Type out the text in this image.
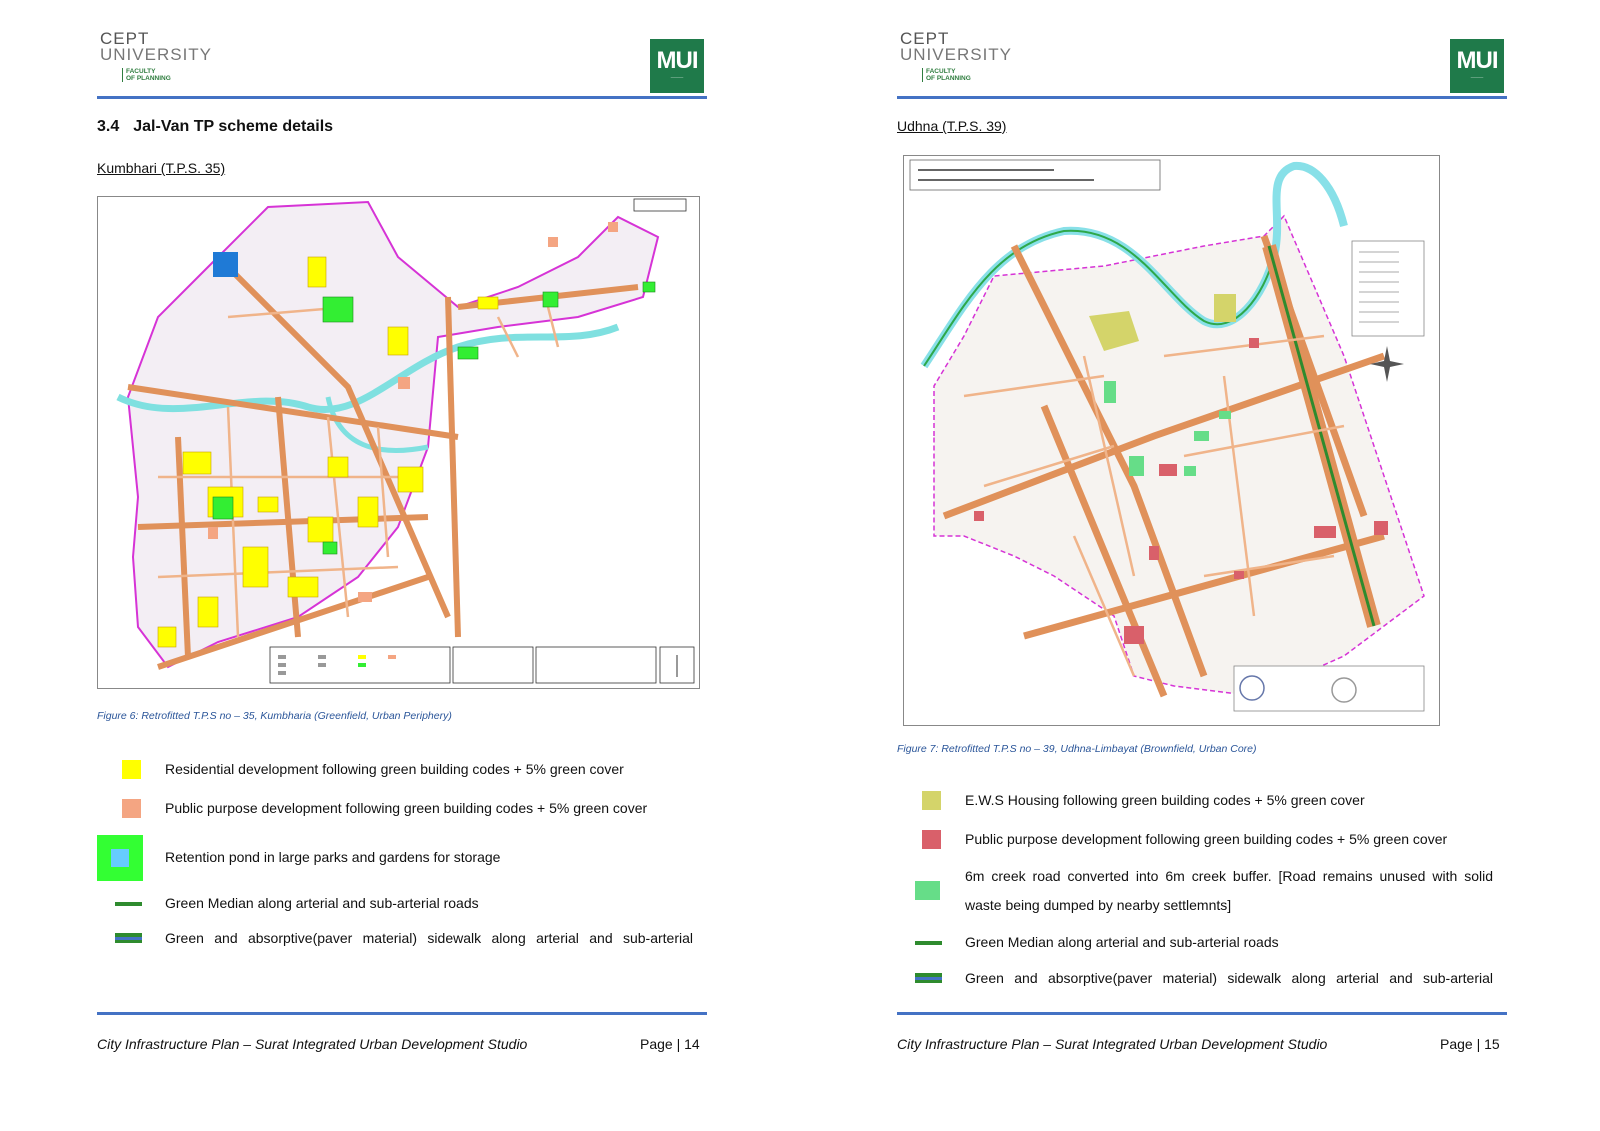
CEPT
UNIVERSITY
FACULTY
OF PLANNING
MUI
─────
3.4 Jal-Van TP scheme details
Kumbhari (T.P.S. 35)
Figure 6: Retrofitted T.P.S no – 35, Kumbharia (Greenfield, Urban Periphery)
Residential development following green building codes + 5% green cover
Public purpose development following green building codes + 5% green cover
Retention pond in large parks and gardens for storage
Green Median along arterial and sub-arterial roads
Green and absorptive(paver material) sidewalk along arterial and sub-arterial
City Infrastructure Plan – Surat Integrated Urban Development Studio	Page | 14
CEPT
UNIVERSITY
FACULTY
OF PLANNING
MUI
─────
Udhna (T.P.S. 39)
Figure 7: Retrofitted T.P.S no – 39, Udhna-Limbayat (Brownfield, Urban Core)
E.W.S Housing following green building codes + 5% green cover
Public purpose development following green building codes + 5% green cover
6m creek road converted into 6m creek buffer. [Road remains unused with solid waste being dumped by nearby settlemnts]
Green Median along arterial and sub-arterial roads
Green and absorptive(paver material) sidewalk along arterial and sub-arterial
City Infrastructure Plan – Surat Integrated Urban Development Studio	Page | 15
